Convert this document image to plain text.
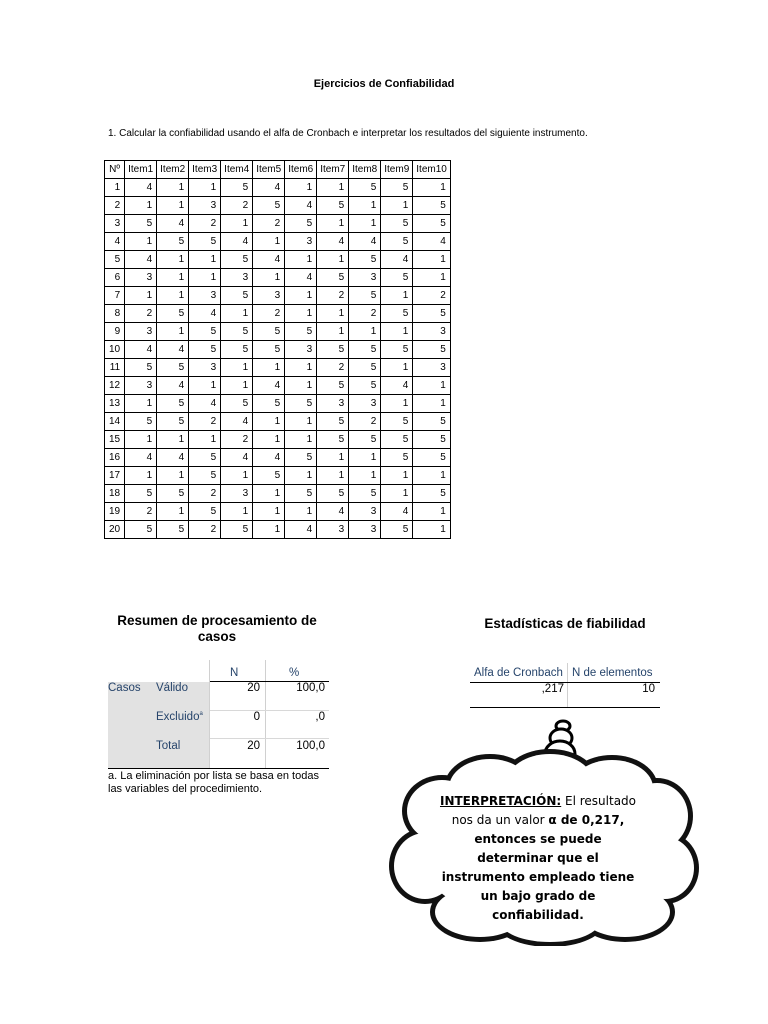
Ejercicios de Confiabilidad
1. Calcular la confiabilidad usando el alfa de Cronbach e interpretar los resultados del siguiente instrumento.
Nº	Item1	Item2	Item3	Item4	Item5	Item6	Item7	Item8	Item9	Item10
1	4	1	1	5	4	1	1	5	5	1
2	1	1	3	2	5	4	5	1	1	5
3	5	4	2	1	2	5	1	1	5	5
4	1	5	5	4	1	3	4	4	5	4
5	4	1	1	5	4	1	1	5	4	1
6	3	1	1	3	1	4	5	3	5	1
7	1	1	3	5	3	1	2	5	1	2
8	2	5	4	1	2	1	1	2	5	5
9	3	1	5	5	5	5	1	1	1	3
10	4	4	5	5	5	3	5	5	5	5
11	5	5	3	1	1	1	2	5	1	3
12	3	4	1	1	4	1	5	5	4	1
13	1	5	4	5	5	5	3	3	1	1
14	5	5	2	4	1	1	5	2	5	5
15	1	1	1	2	1	1	5	5	5	5
16	4	4	5	4	4	5	1	1	5	5
17	1	1	5	1	5	1	1	1	1	1
18	5	5	2	3	1	5	5	5	1	5
19	2	1	5	1	1	1	4	3	4	1
20	5	5	2	5	1	4	3	3	5	1
Resumen de procesamiento de casos
N	%
Casos Válido	20	100,0
Excluido$^a$	0	,0
Total	20	100,0
a. La eliminación por lista se basa en todas las variables del procedimiento.
Estadísticas de fiabilidad
Alfa de Cronbach N de elementos
,217	10
INTERPRETACIÓN: El resultado nos da un valor α de 0,217, entonces se puede determinar que el instrumento empleado tiene un bajo grado de confiabilidad.
